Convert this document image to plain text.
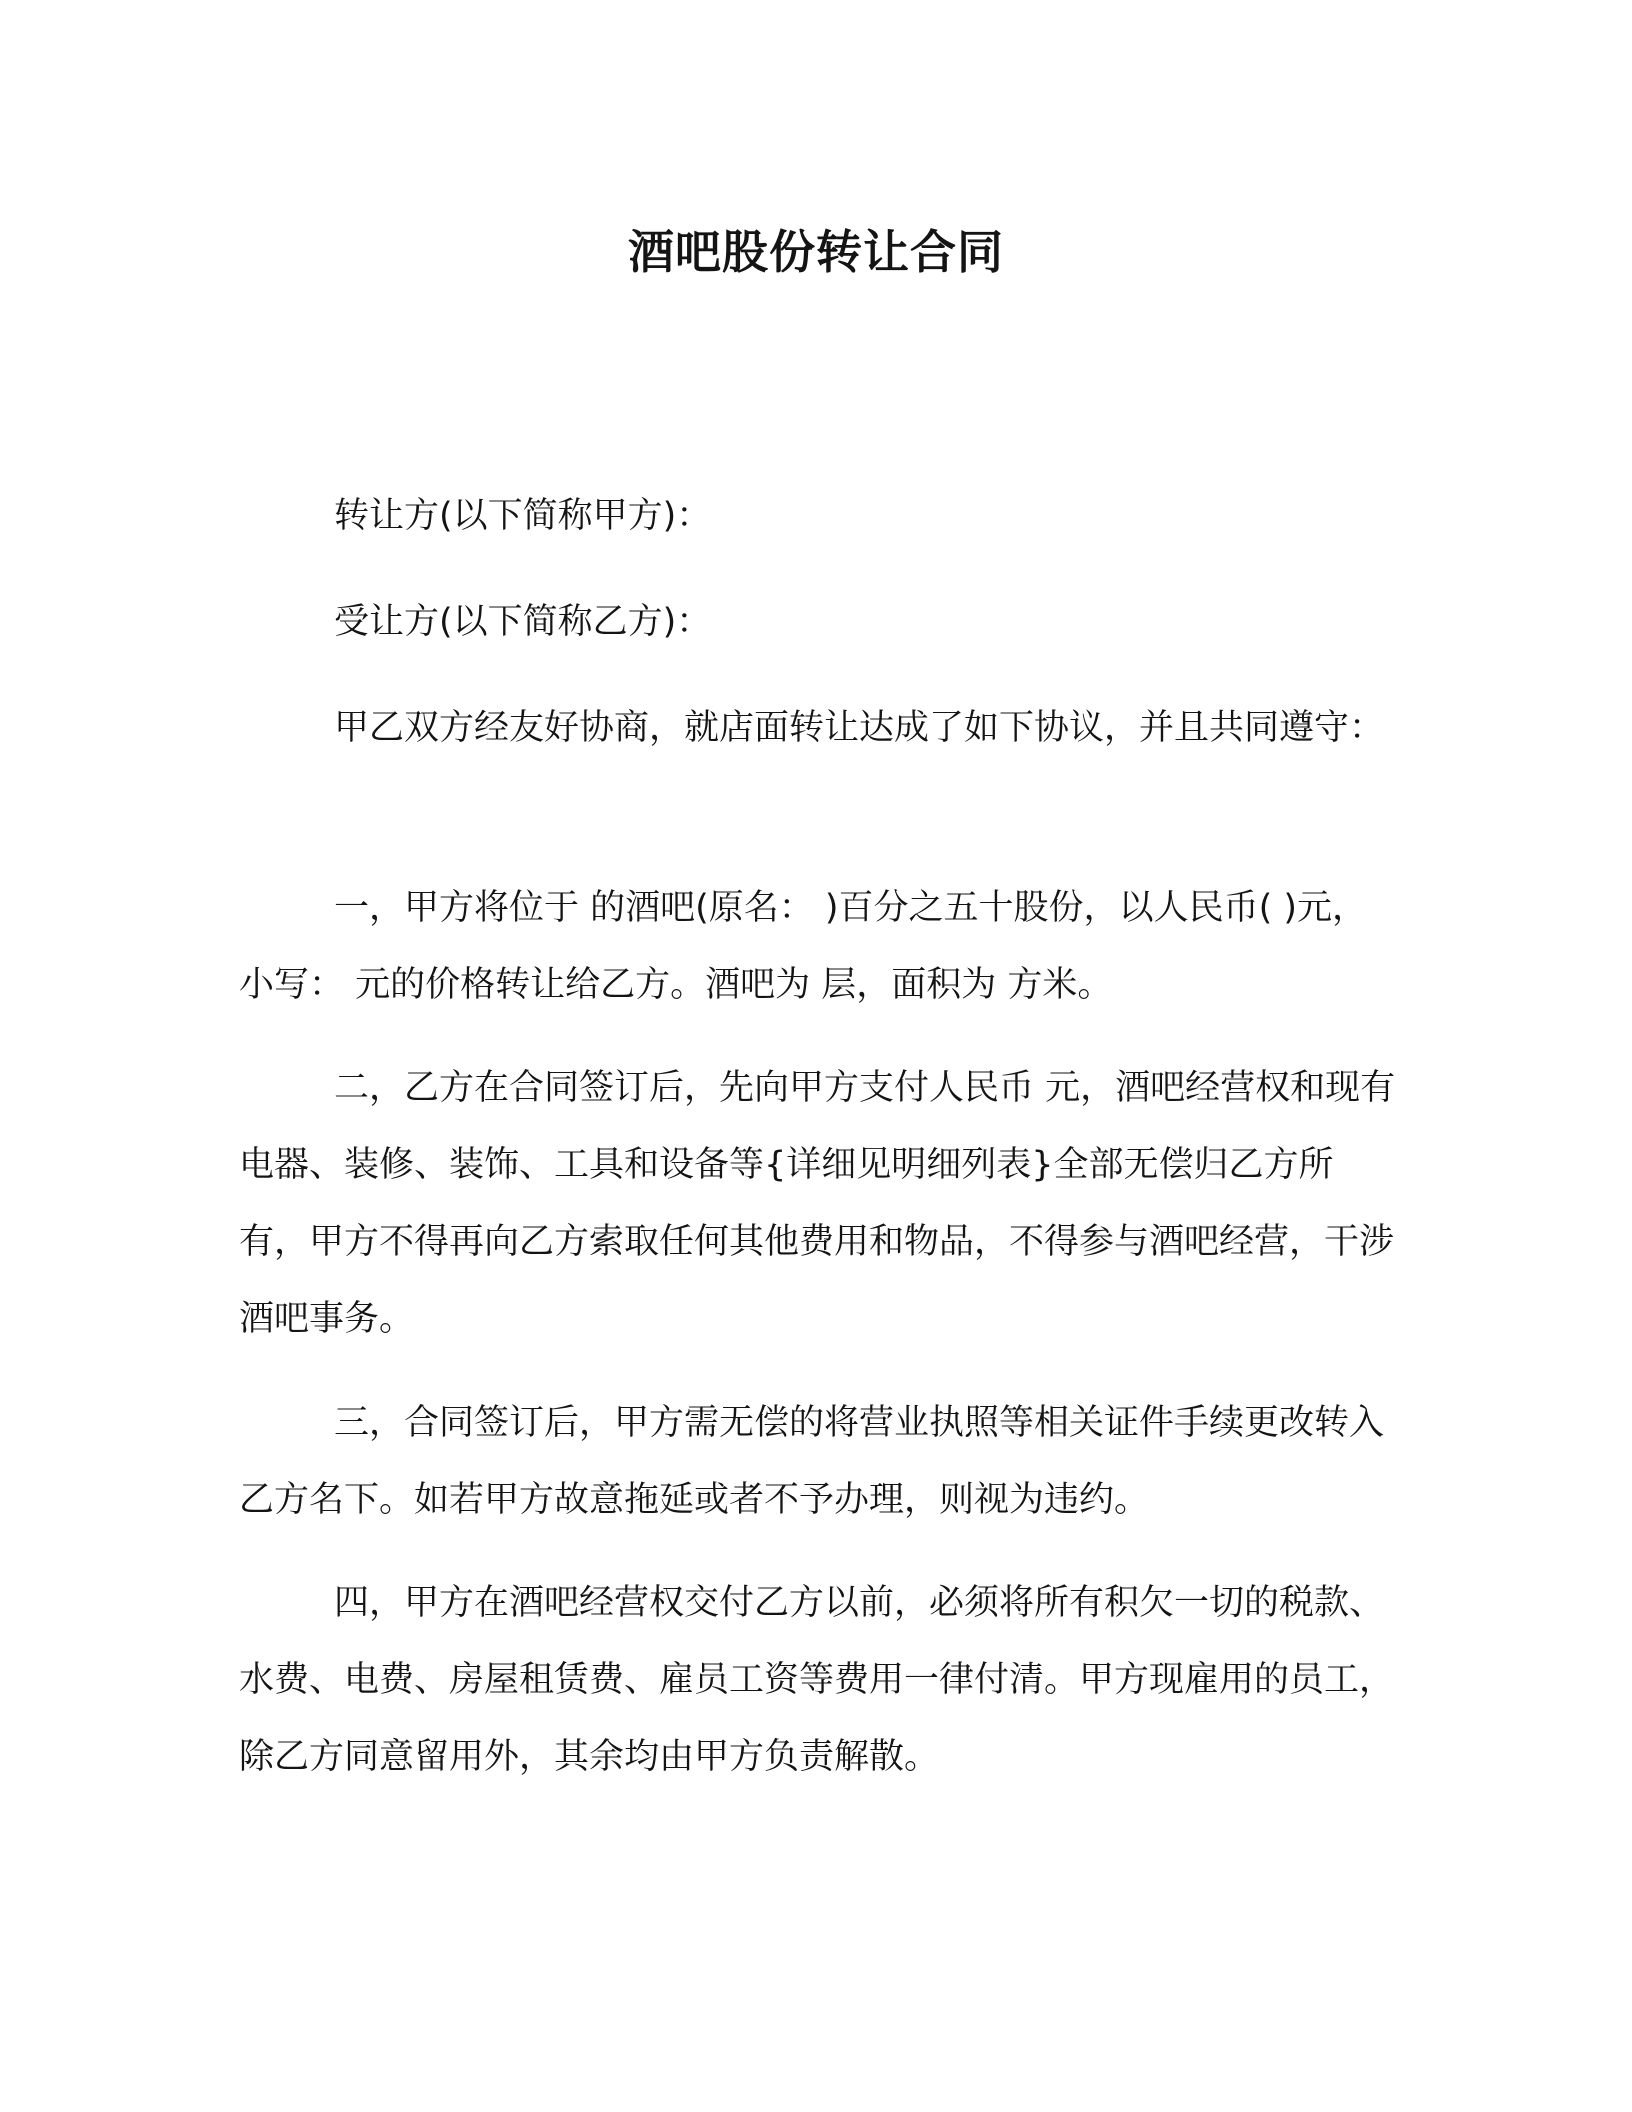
酒吧股份转让合同

转让方(以下简称甲方)：

受让方(以下简称乙方)：

甲乙双方经友好协商，就店面转让达成了如下协议，并且共同遵守：

一，甲方将位于 的酒吧(原名： )百分之五十股份，以人民币( )元，小写： 元的价格转让给乙方。酒吧为 层，面积为 方米。

二，乙方在合同签订后，先向甲方支付人民币 元，酒吧经营权和现有电器、装修、装饰、工具和设备等{详细见明细列表}全部无偿归乙方所有，甲方不得再向乙方索取任何其他费用和物品，不得参与酒吧经营，干涉酒吧事务。

三，合同签订后，甲方需无偿的将营业执照等相关证件手续更改转入乙方名下。如若甲方故意拖延或者不予办理，则视为违约。

四，甲方在酒吧经营权交付乙方以前，必须将所有积欠一切的税款、水费、电费、房屋租赁费、雇员工资等费用一律付清。甲方现雇用的员工，除乙方同意留用外，其余均由甲方负责解散。
